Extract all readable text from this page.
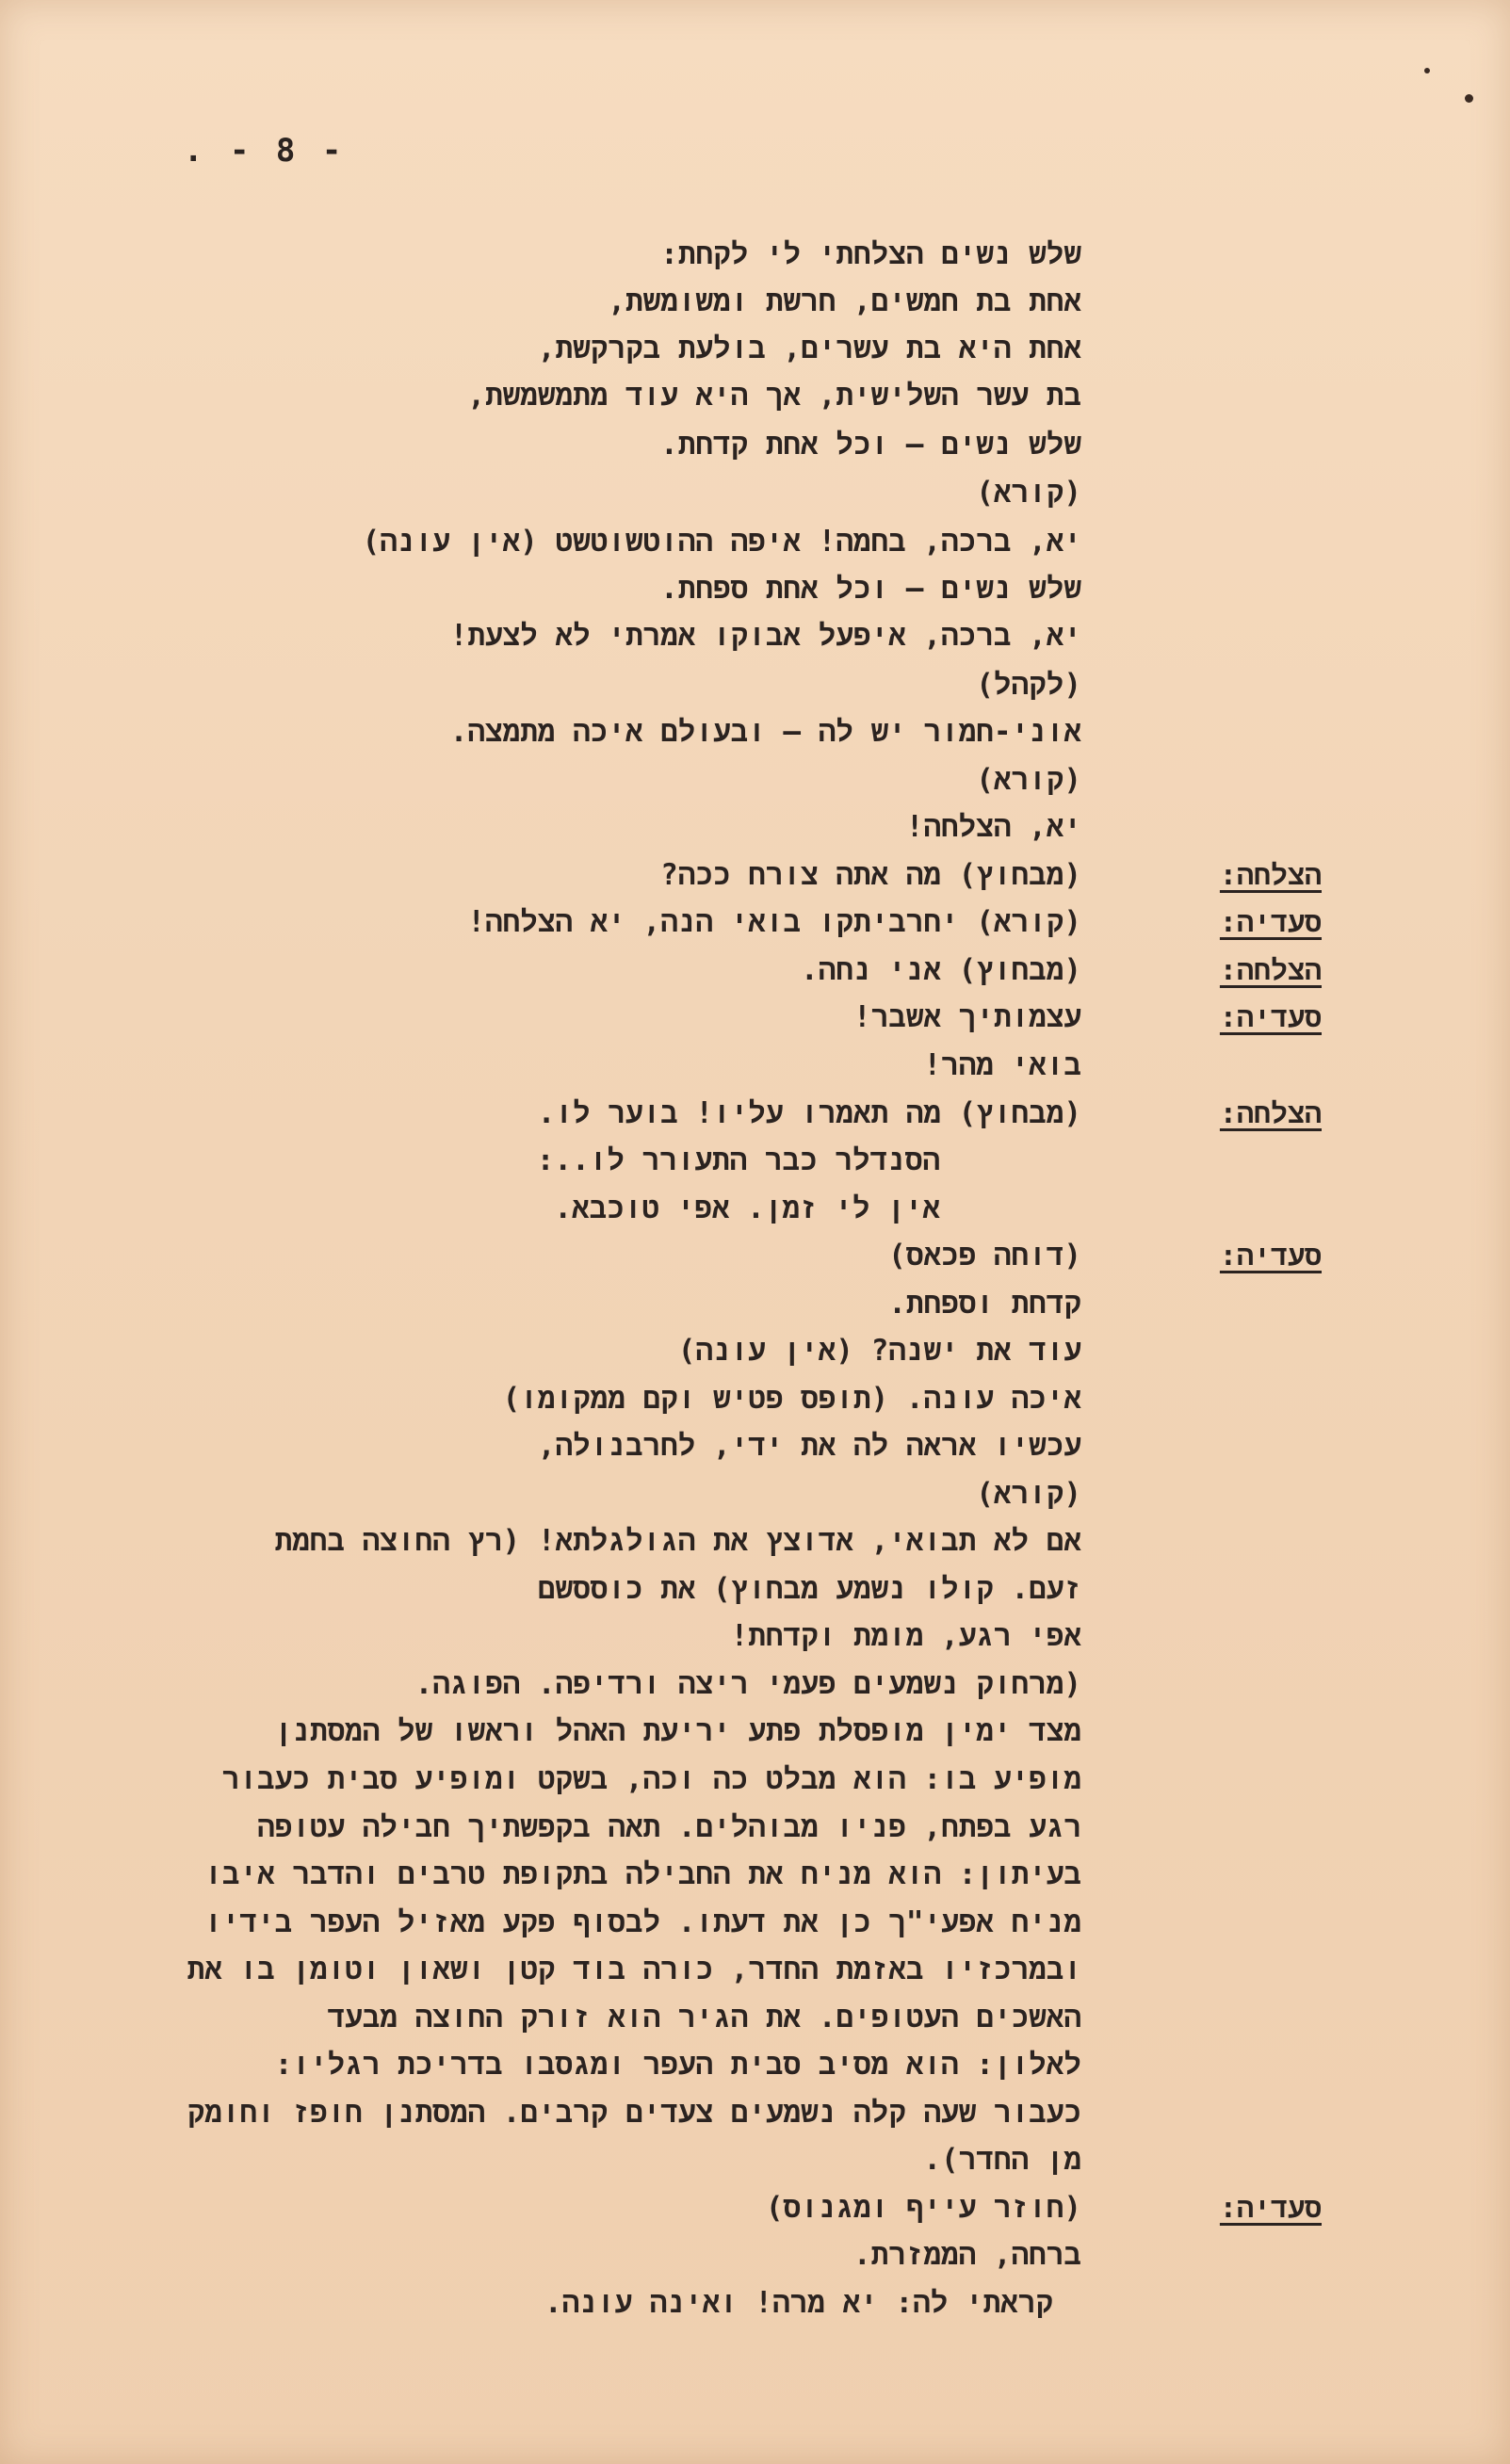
. - 8 -
שלש נשים הצלחתי לי לקחת:
אחת בת חמשים, חרשת ומשומשת,
אחת היא בת עשרים, בולעת בקרקשת,
בת עשר השלישית, אך היא עוד מתמשמשת,
שלש נשים – וכל אחת קדחת.
(קורא)
יא, ברכה, בחמה! איפה ההוטשוטשט (אין עונה)
שלש נשים – וכל אחת ספחת.
יא, ברכה, איפעל אבוקו אמרתי לא לצעת!
(לקהל)
אוני-חמור יש לה – ובעולם איכה מתמצה.
(קורא)
יא, הצלחה!
(מבחוץ) מה אתה צורח ככה?
(קורא) יחרביתקו בואי הנה, יא הצלחה!
(מבחוץ) אני נחה.
עצמותיך אשבר!
בואי מהר!
(מבחוץ) מה תאמרו עליו! בוער לו.
הסנדלר כבר התעורר לו..:
אין לי זמן. אפי טוכבא.
(דוחה פכאס)
קדחת וספחת.
עוד את ישנה? (אין עונה)
איכה עונה. (תופס פטיש וקם ממקומו)
עכשיו אראה לה את ידי, לחרבנולה,
(קורא)
אם לא תבואי, אדוצץ את הגולגלתא! (רץ החוצה בחמת
זעם. קולו נשמע מבחוץ) את כוססשם
אפי רגע, מומת וקדחת!
(מרחוק נשמעים פעמי ריצה ורדיפה. הפוגה.
מצד ימין מופסלת פתע יריעת האהל וראשו של המסתנן
מופיע בו: הוא מבלט כה וכה, בשקט ומופיע סבית כעבור
רגע בפתח, פניו מבוהלים. תאה בקפשתיך חבילה עטופה
בעיתון: הוא מניח את החבילה בתקופת טרבים והדבר איבו
מניח אפעי"ך כן את דעתו. לבסוף פקע מאזיל העפר בידיו
ובמרכזיו באזמת החדר, כורה בוד קטן ושאון וטומן בו את
האשכים העטופים. את הגיר הוא זורק החוצה מבעד
לאלון: הוא מסיב סבית העפר ומגסבו בדריכת רגליו:
כעבור שעה קלה נשמעים צעדים קרבים. המסתנן חופז וחומק
מן החדר).
(חוזר עייף ומגנוס)
ברחה, הממזרת.
קראתי לה: יא מרה! ואינה עונה.
הצלחה:
סעדיה:
הצלחה:
סעדיה:
הצלחה:
סעדיה:
סעדיה:
